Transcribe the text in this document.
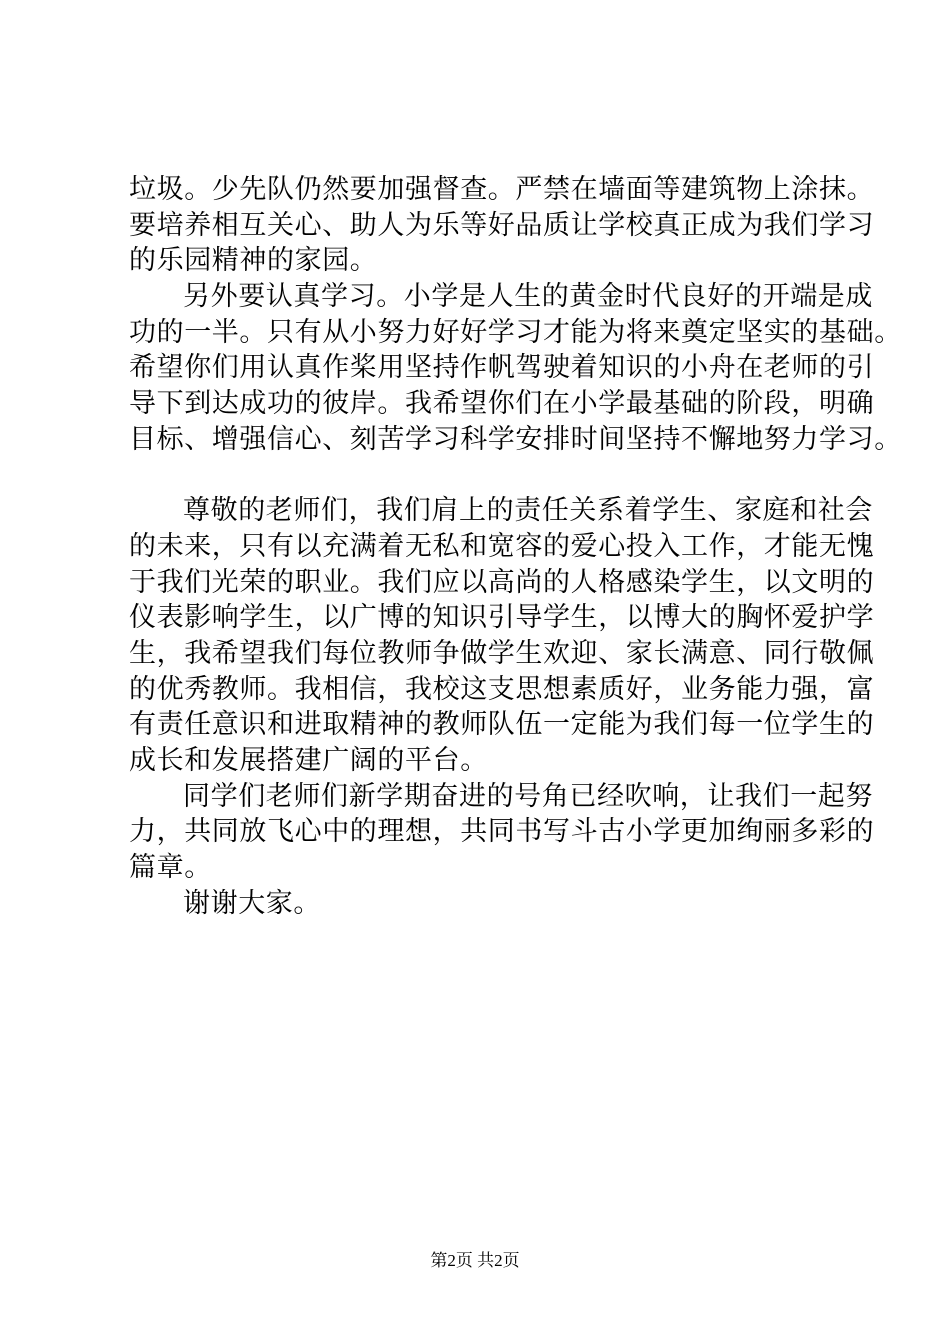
垃圾。少先队仍然要加强督查。严禁在墙面等建筑物上涂抹。
要培养相互关心、助人为乐等好品质让学校真正成为我们学习
的乐园精神的家园。
另外要认真学习。小学是人生的黄金时代良好的开端是成
功的一半。只有从小努力好好学习才能为将来奠定坚实的基础。
希望你们用认真作桨用坚持作帆驾驶着知识的小舟在老师的引
导下到达成功的彼岸。我希望你们在小学最基础的阶段，明确
目标、增强信心、刻苦学习科学安排时间坚持不懈地努力学习。
尊敬的老师们，我们肩上的责任关系着学生、家庭和社会
的未来，只有以充满着无私和宽容的爱心投入工作，才能无愧
于我们光荣的职业。我们应以高尚的人格感染学生，以文明的
仪表影响学生，以广博的知识引导学生，以博大的胸怀爱护学
生，我希望我们每位教师争做学生欢迎、家长满意、同行敬佩
的优秀教师。我相信，我校这支思想素质好，业务能力强，富
有责任意识和进取精神的教师队伍一定能为我们每一位学生的
成长和发展搭建广阔的平台。
同学们老师们新学期奋进的号角已经吹响，让我们一起努
力，共同放飞心中的理想，共同书写斗古小学更加绚丽多彩的
篇章。
谢谢大家。
第2页 共2页
